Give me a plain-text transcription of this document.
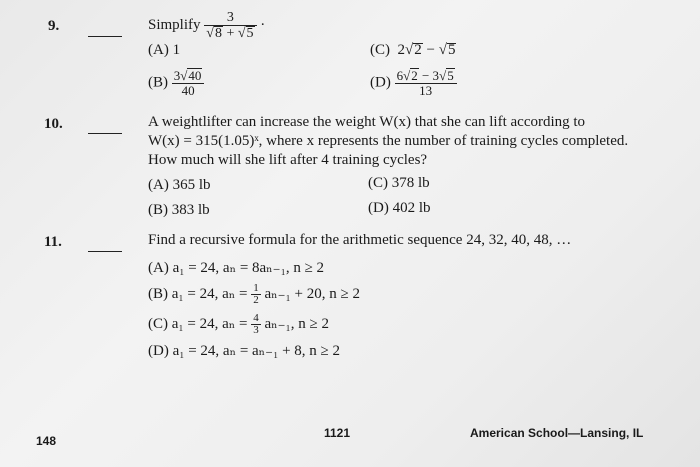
9.	Simplify $\frac{3}{√8 + √5}$ ·
(A) 1
$(B) \frac{3√40}{40}$
(C) 2√2 − √5
$(D) \frac{6√2 - 3√5}{13}$
10.	A weightlifter can increase the weight W(x) that she can lift according to
W(x) = 315(1.05)ˣ, where x represents the number of training cycles completed.
How much will she lift after 4 training cycles?
(A) 365 lb
(B) 383 lb
(C) 378 lb
(D) 402 lb
11.	Find a recursive formula for the arithmetic sequence 24, 32, 40, 48, …
(A) a₁ = 24, aₙ = 8aₙ₋₁, n ≥ 2
(B) a₁ = 24, $a_n = \frac{1}{2} a_{n-1} + 20$, n ≥ 2
(C) a₁ = 24, $a_n = \frac{4}{3} a_{n-1}$, n ≥ 2
(D) a₁ = 24, aₙ = aₙ₋₁ + 8, n ≥ 2
148
1121	American School—Lansing, IL
